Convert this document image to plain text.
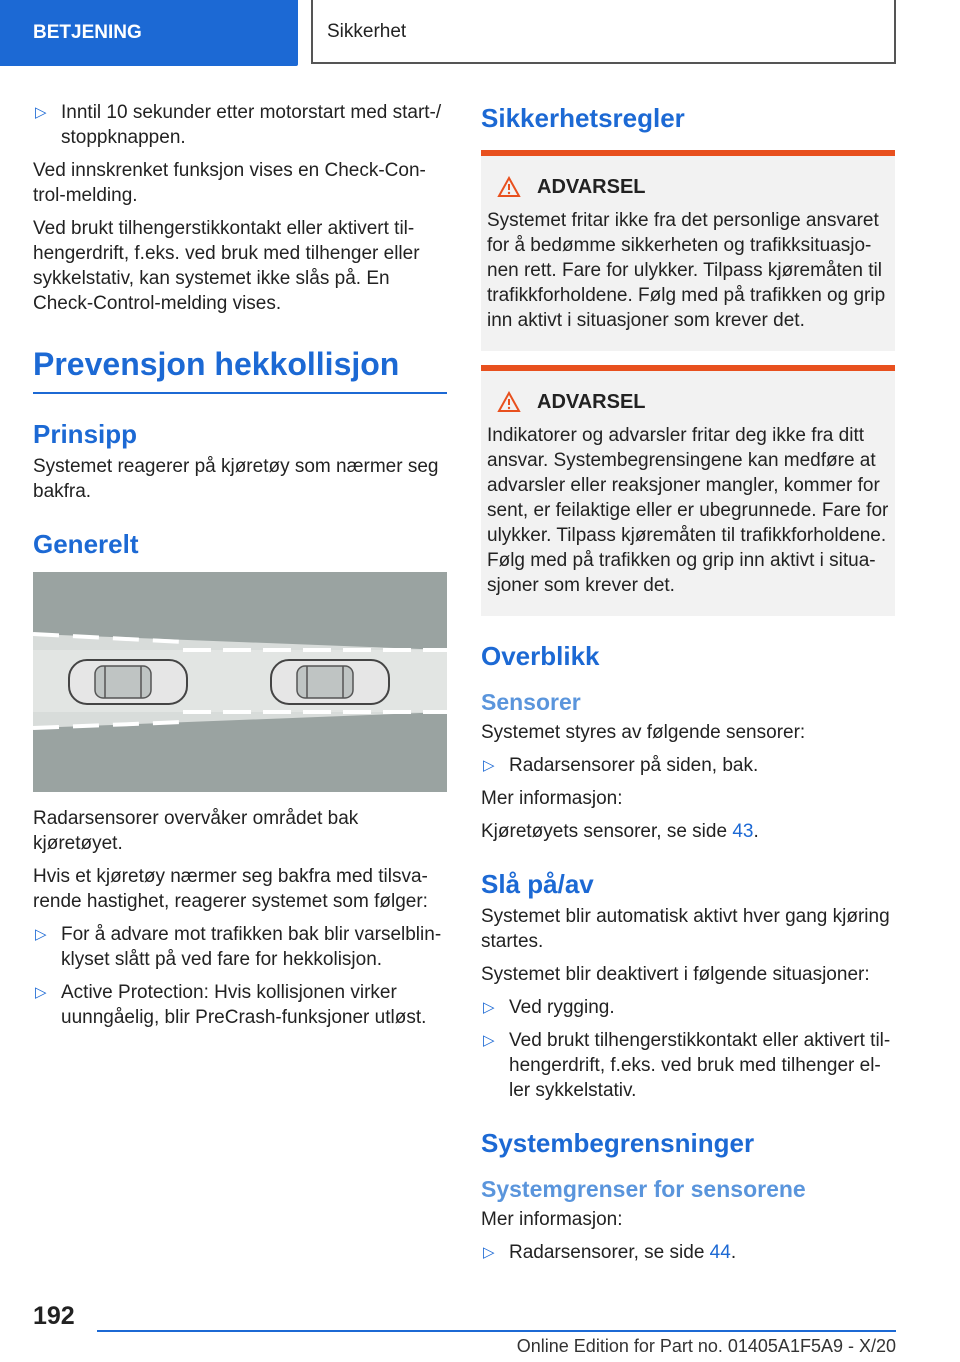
BETJENING	Sikkerhet
▷ Inntil 10 sekunder etter motorstart med start-/ stoppknappen.

Ved innskrenket funksjon vises en Check-Con- trol-melding.

Ved brukt tilhengerstikkontakt eller aktivert til- hengerdrift, f.eks. ved bruk med tilhenger eller sykkelstativ, kan systemet ikke slås på. En Check-Control-melding vises.

Prevensjon hekkollisjon
Prinsipp

Systemet reagerer på kjøretøy som nærmer seg bakfra.

Generelt

Radarsensorer overvåker området bak kjøretøyet.

Hvis et kjøretøy nærmer seg bakfra med tilsva- rende hastighet, reagerer systemet som følger:

▷ For å advare mot trafikken bak blir varselblin- klyset slått på ved fare for hekkolisjon.
▷ Active Protection: Hvis kollisjonen virker uunngåelig, blir PreCrash-funksjoner utløst.
Sikkerhetsregler
ADVARSEL

Systemet fritar ikke fra det personlige ansvaret for å bedømme sikkerheten og trafikksituasjo- nen rett. Fare for ulykker. Tilpass kjøremåten til trafikkforholdene. Følg med på trafikken og grip inn aktivt i situasjoner som krever det.

ADVARSEL

Indikatorer og advarsler fritar deg ikke fra ditt ansvar. Systembegrensingene kan medføre at advarsler eller reaksjoner mangler, kommer for sent, er feilaktige eller er ubegrunnede. Fare for ulykker. Tilpass kjøremåten til trafikkforholdene. Følg med på trafikken og grip inn aktivt i situa- sjoner som krever det.

Overblikk
Sensorer

Systemet styres av følgende sensorer:

▷ Radarsensorer på siden, bak.

Mer informasjon:

Kjøretøyets sensorer, se side 43.

Slå på/av

Systemet blir automatisk aktivt hver gang kjøring startes.

Systemet blir deaktivert i følgende situasjoner:

▷ Ved rygging.
▷ Ved brukt tilhengerstikkontakt eller aktivert til- hengerdrift, f.eks. ved bruk med tilhenger el- ler sykkelstativ.
Systembegrensninger
Systemgrenser for sensorene

Mer informasjon:

▷ Radarsensorer, se side 44.
192
Online Edition for Part no. 01405A1F5A9 - X/20
